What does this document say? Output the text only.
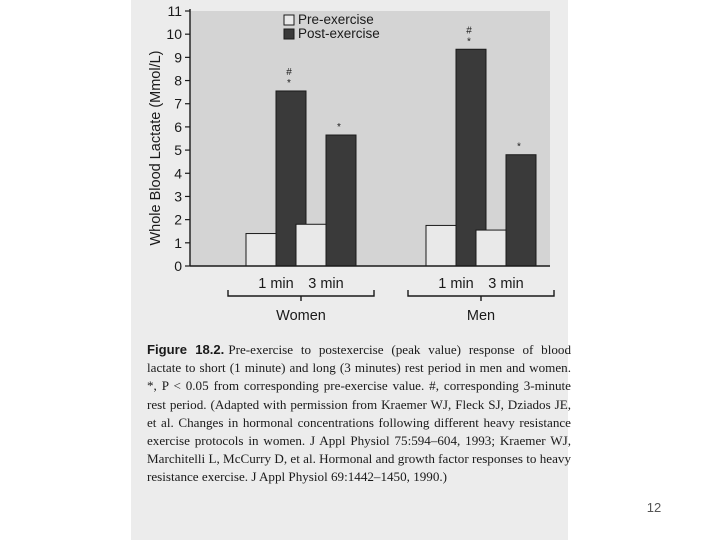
0
1
2
3
4
5
6
7
8
9
10
11
1 min 3 min
Women
1 min 3 min
Men
#
*
*
#
*
*
Pre-exercise
Post-exercise
Whole Blood Lactate (Mmol/L)

Figure 18.2. Pre-exercise to postexercise (peak value) response of blood lactate to short (1 minute) and long (3 minutes) rest period in men and women. *, P < 0.05 from corresponding pre-exercise value. #, corresponding 3-minute rest period. (Adapted with permission from Kraemer WJ, Fleck SJ, Dziados JE, et al. Changes in hormonal concentrations following different heavy resistance exercise protocols in women. J Appl Physiol 75:594–604, 1993; Kraemer WJ, Marchitelli L, McCurry D, et al. Hormonal and growth factor responses to heavy resistance exercise. J Appl Physiol 69:1442–1450, 1990.)

12
